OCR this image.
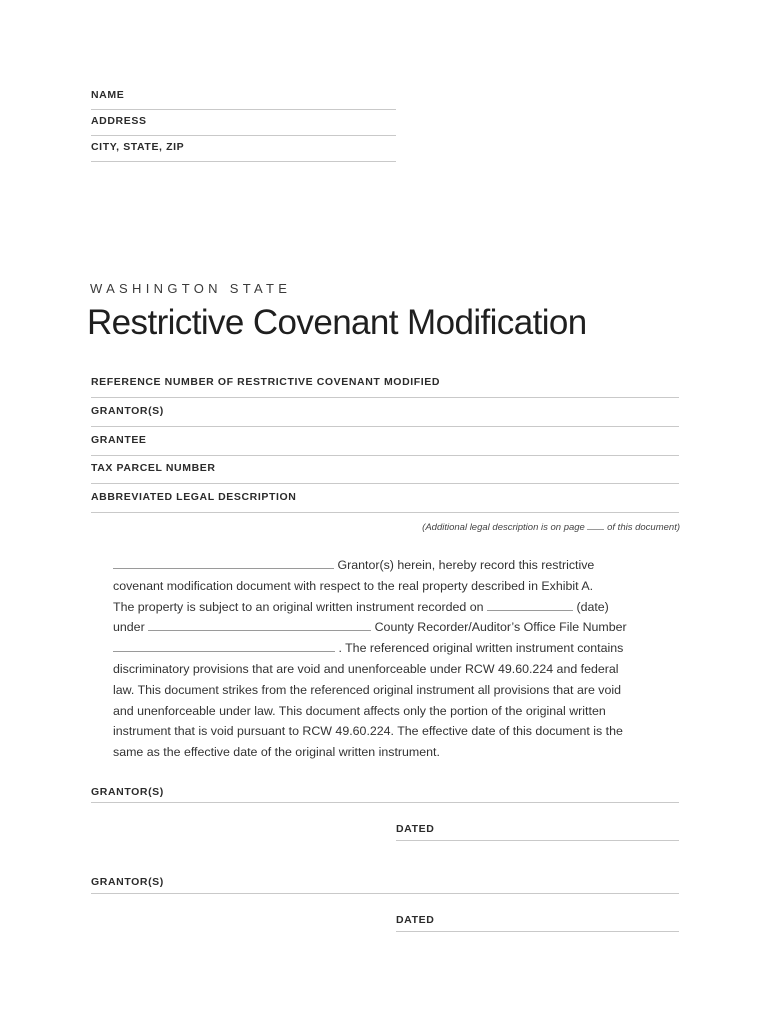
NAME
ADDRESS
CITY, STATE, ZIP
WASHINGTON STATE
Restrictive Covenant Modification
REFERENCE NUMBER OF RESTRICTIVE COVENANT MODIFIED
GRANTOR(S)
GRANTEE
TAX PARCEL NUMBER
ABBREVIATED LEGAL DESCRIPTION
(Additional legal description is on page of this document)
Grantor(s) herein, hereby record this restrictive
covenant modification document with respect to the real property described in Exhibit A.
The property is subject to an original written instrument recorded on	(date)
under	County Recorder/Auditor’s Office File Number
. The referenced original written instrument contains
discriminatory provisions that are void and unenforceable under RCW 49.60.224 and federal
law. This document strikes from the referenced original instrument all provisions that are void
and unenforceable under law. This document affects only the portion of the original written
instrument that is void pursuant to RCW 49.60.224. The effective date of this document is the
same as the effective date of the original written instrument.
GRANTOR(S)
DATED
GRANTOR(S)
DATED
